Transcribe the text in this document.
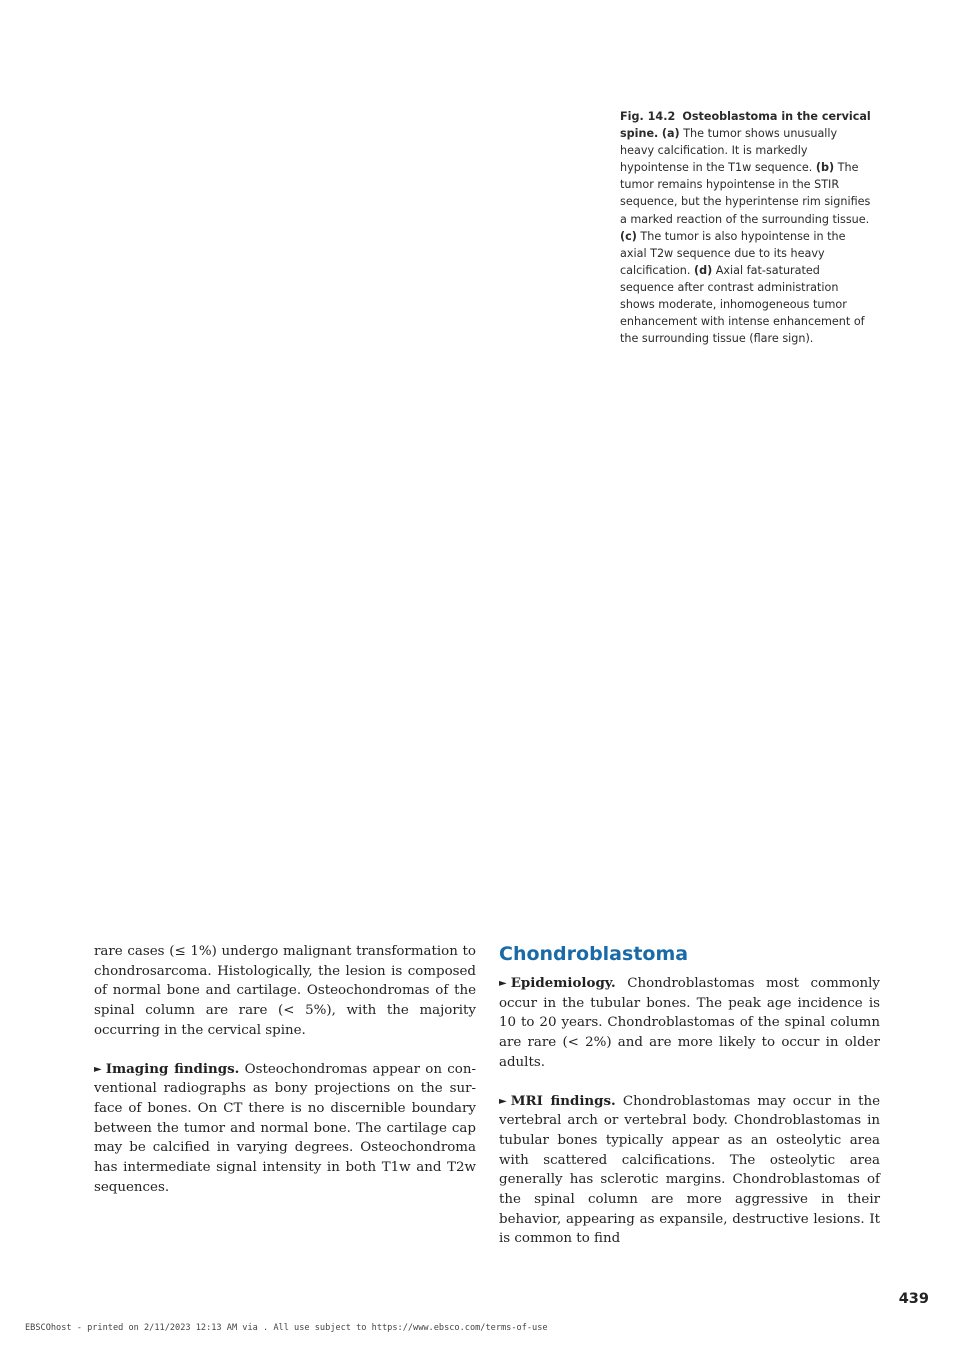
Fig. 14.2 Osteoblastoma in the cervical spine. (a) The tumor shows unusually heavy calcification. It is markedly hypointense in the T1w sequence. (b) The tumor remains hypointense in the STIR sequence, but the hyperintense rim signifies a marked reaction of the surrounding tissue. (c) The tumor is also hypointense in the axial T2w sequence due to its heavy calcification. (d) Axial fat-saturated sequence after contrast administration shows moderate, inhomogeneous tumor enhancement with intense enhancement of the surrounding tissue (flare sign).

rare cases (≤ 1%) undergo malignant transformation to chondrosarcoma. Histologically, the lesion is composed of normal bone and cartilage. Osteochondromas of the spinal column are rare (< 5%), with the majority occurring in the cervical spine.

► Imaging findings. Osteochondromas appear on conventional radiographs as bony projections on the surface of bones. On CT there is no discernible boundary between the tumor and normal bone. The cartilage cap may be calcified in varying degrees. Osteochondroma has intermediate signal intensity in both T1w and T2w sequences.

Chondroblastoma

► Epidemiology. Chondroblastomas most commonly occur in the tubular bones. The peak age incidence is 10 to 20 years. Chondroblastomas of the spinal column are rare (< 2%) and are more likely to occur in older adults.

► MRI findings. Chondroblastomas may occur in the vertebral arch or vertebral body. Chondroblastomas in tubular bones typically appear as an osteolytic area with scattered calcifications. The osteolytic area generally has sclerotic margins. Chondroblastomas of the spinal column are more aggressive in their behavior, appearing as expansile, destructive lesions. It is common to find

439
EBSCOhost - printed on 2/11/2023 12:13 AM via . All use subject to https://www.ebsco.com/terms-of-use
